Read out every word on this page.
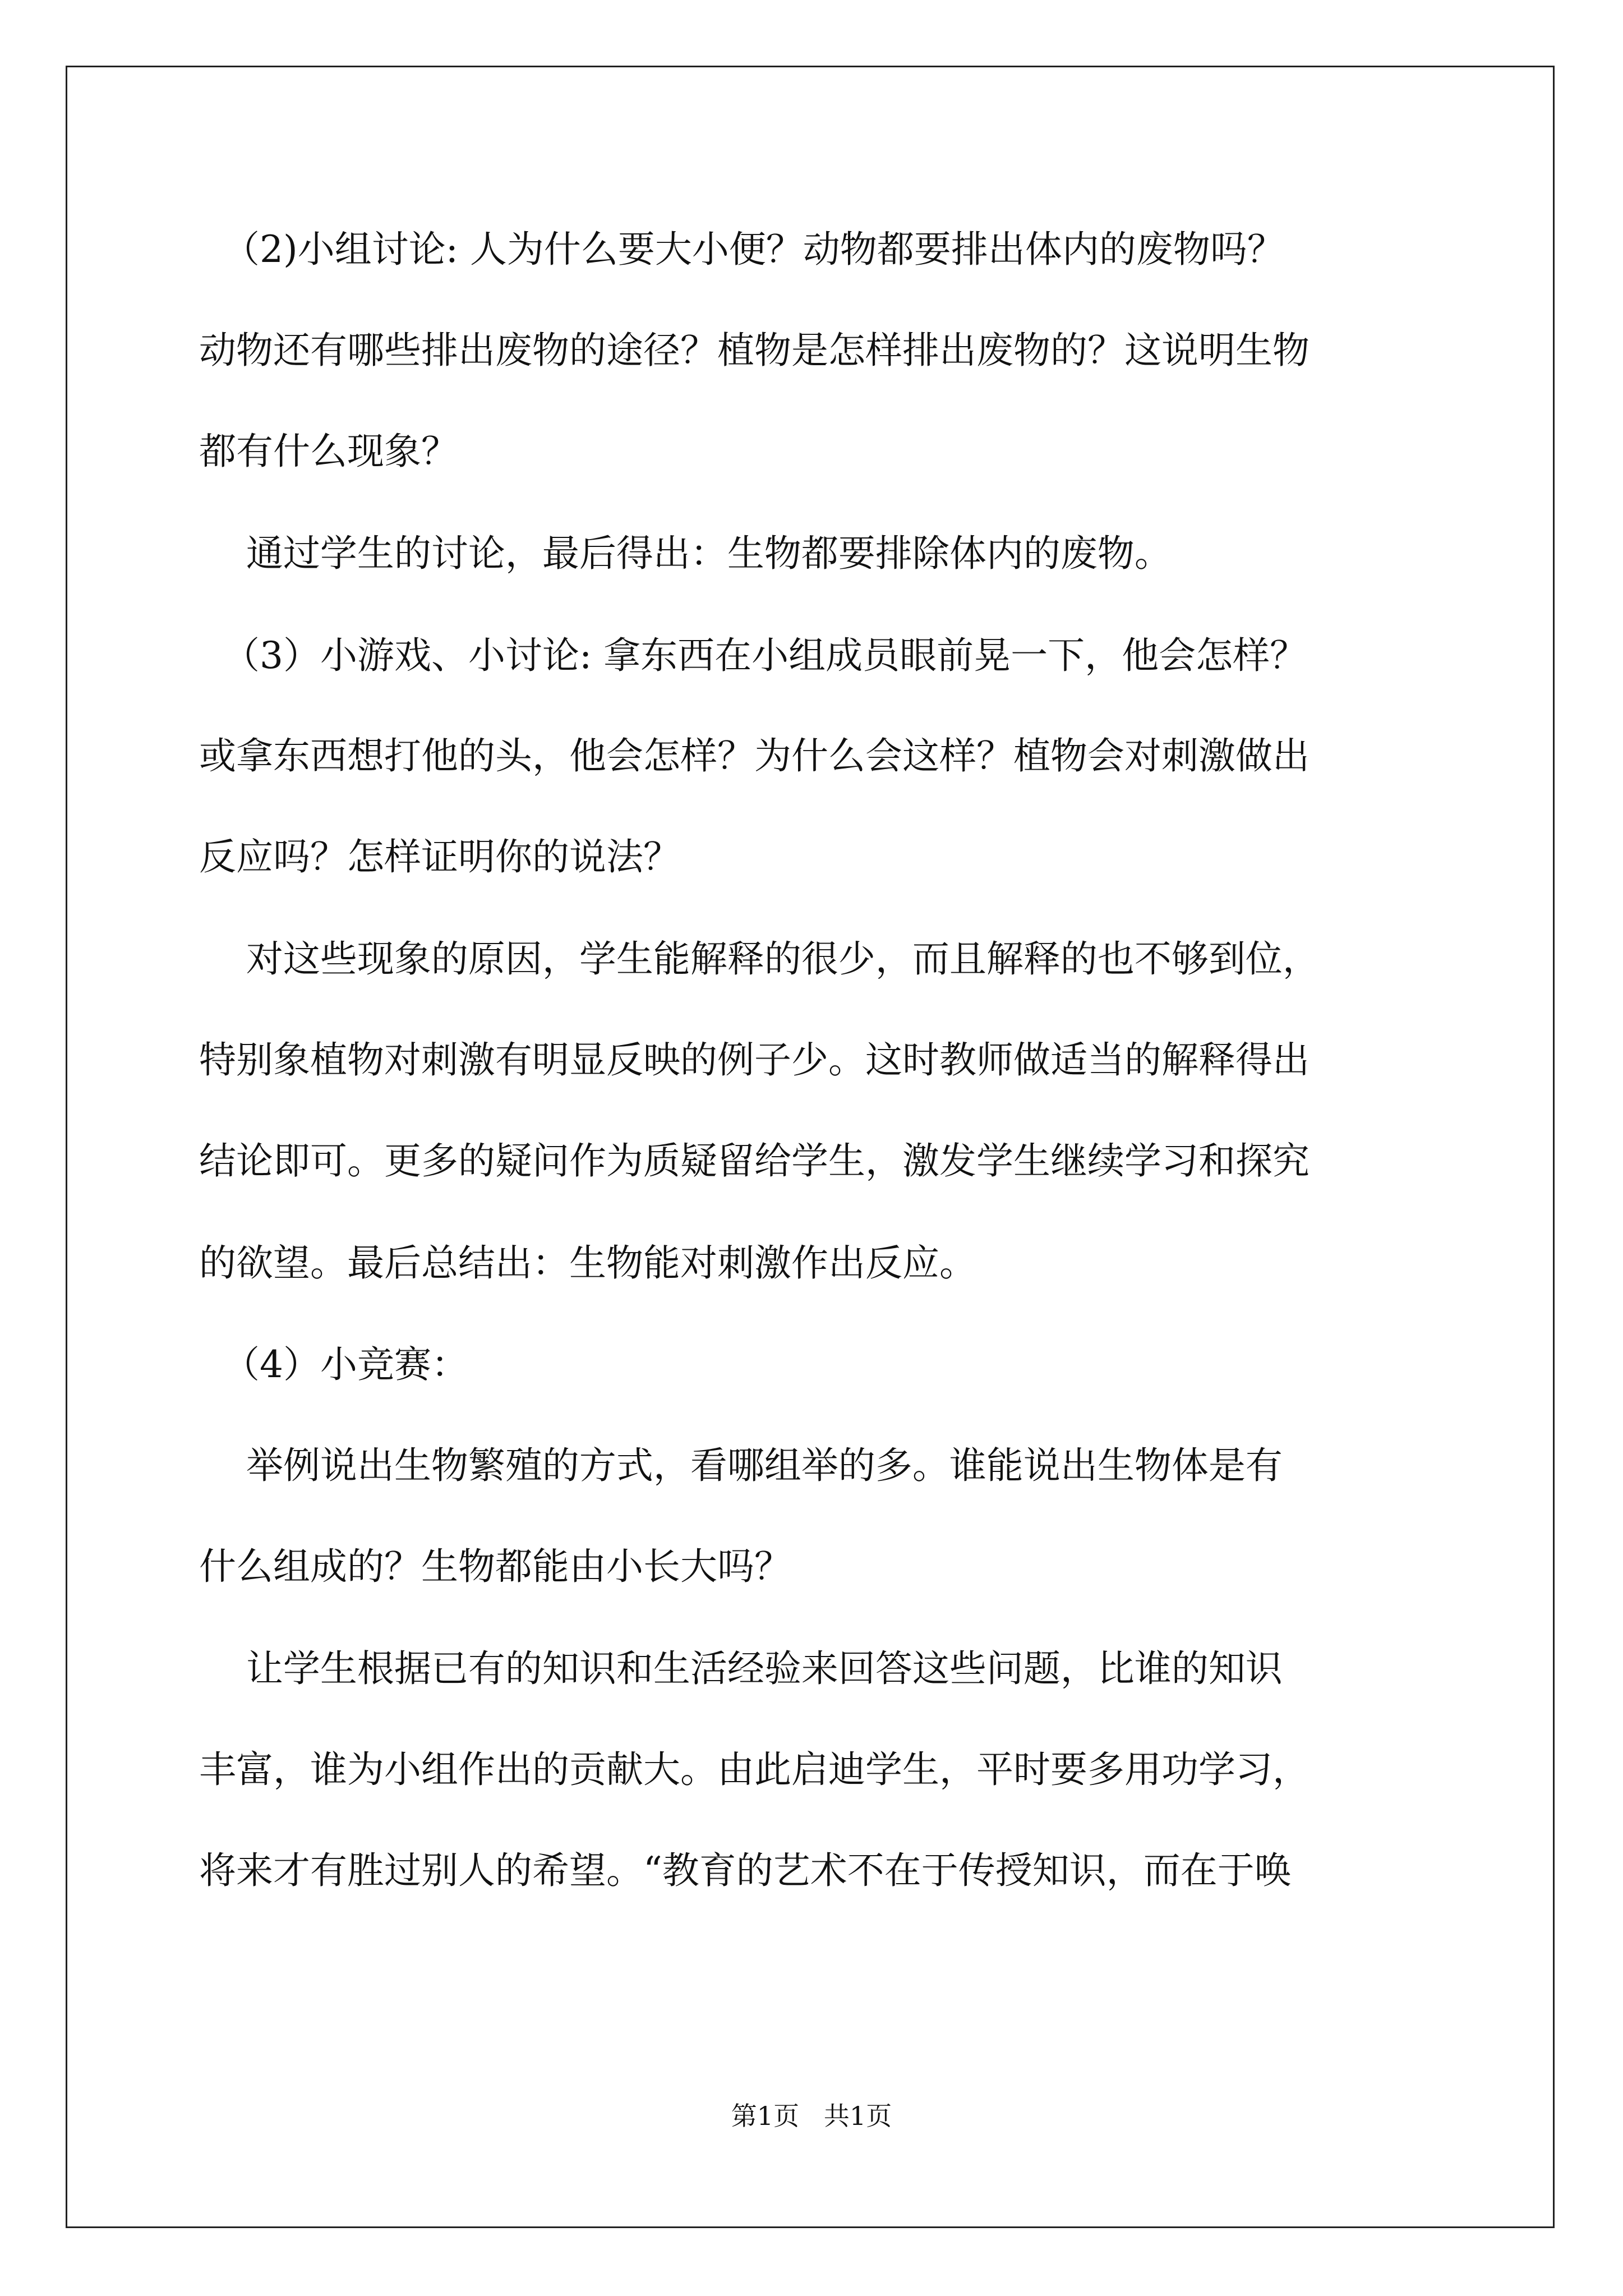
（2)小组讨论: 人为什么要大小便？动物都要排出体内的废物吗？
动物还有哪些排出废物的途径？植物是怎样排出废物的？这说明生物
都有什么现象？
通过学生的讨论，最后得出：生物都要排除体内的废物。
（3）小游戏、小讨论: 拿东西在小组成员眼前晃一下，他会怎样？
或拿东西想打他的头，他会怎样？为什么会这样？植物会对刺激做出
反应吗？怎样证明你的说法？
对这些现象的原因，学生能解释的很少，而且解释的也不够到位，
特别象植物对刺激有明显反映的例子少。这时教师做适当的解释得出
结论即可。更多的疑问作为质疑留给学生，激发学生继续学习和探究
的欲望。最后总结出：生物能对刺激作出反应。
（4）小竞赛：
举例说出生物繁殖的方式，看哪组举的多。谁能说出生物体是有
什么组成的？生物都能由小长大吗？
让学生根据已有的知识和生活经验来回答这些问题，比谁的知识
丰富，谁为小组作出的贡献大。由此启迪学生，平时要多用功学习，
将来才有胜过别人的希望。“教育的艺术不在于传授知识，而在于唤
第1页   共1页
